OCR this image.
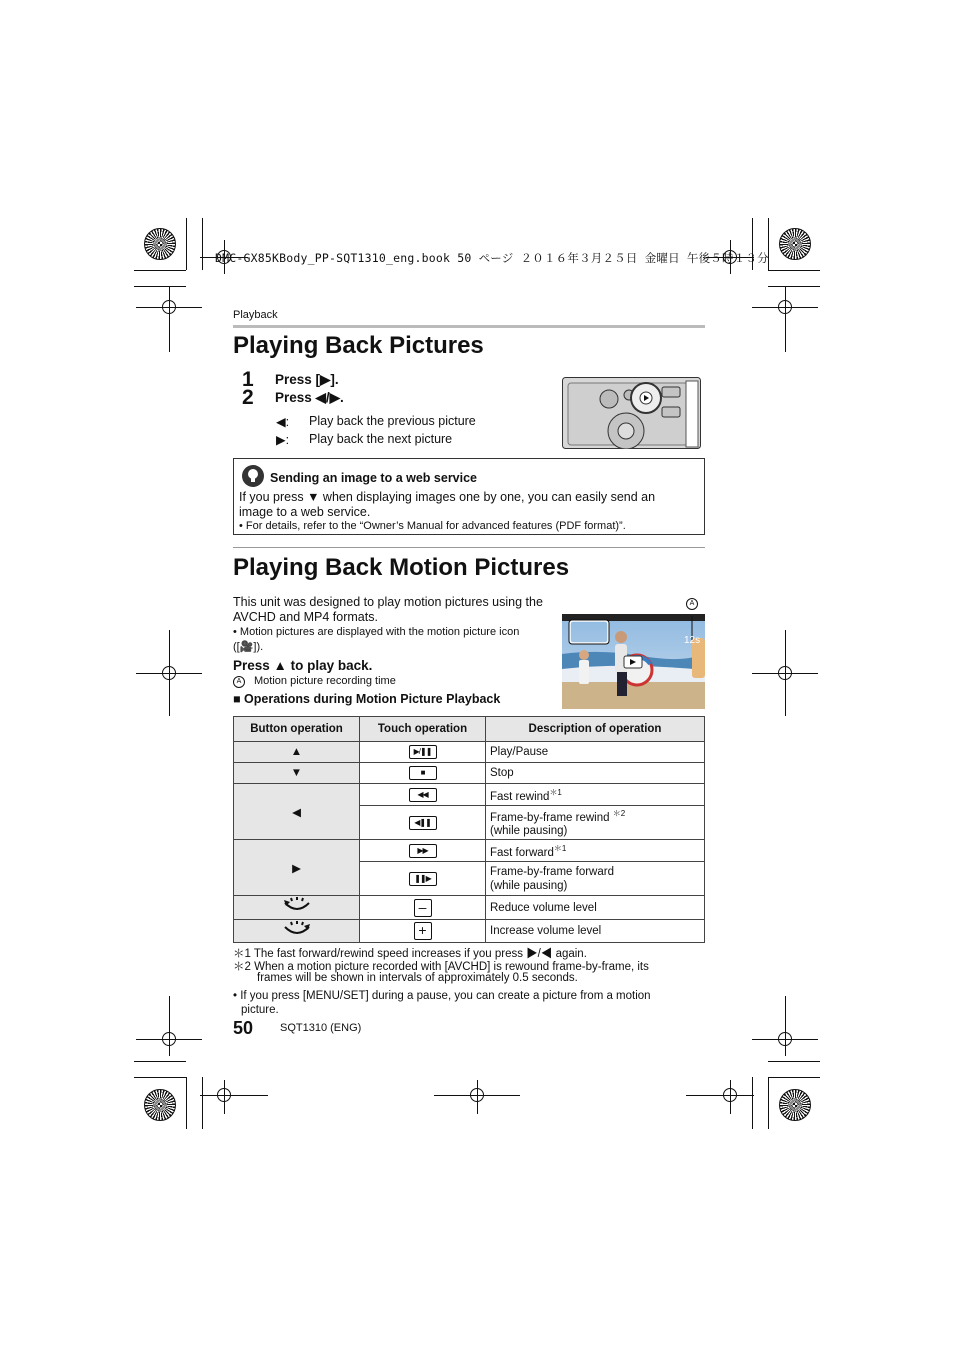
DMC-GX85KBody_PP-SQT1310_eng.book 50 ページ ２０１６年３月２５日 金曜日 午後５時１３分
Playback
Playing Back Pictures
1 Press [▶].
2 Press ◀/▶.
◀: Play back the previous picture
▶: Play back the next picture
Sending an image to a web service
If you press ▼ when displaying images one by one, you can easily send an image to a web service.
• For details, refer to the “Owner’s Manual for advanced features (PDF format)”.
Playing Back Motion Pictures
This unit was designed to play motion pictures using the AVCHD and MP4 formats.
• Motion pictures are displayed with the motion picture icon ([🎥]).
Press ▲ to play back.
A	Motion picture recording time
■ Operations during Motion Picture Playback
A
12s
Button operation	Touch operation	Description of operation
▲	▶/❚❚	Play/Pause
▼	■	Stop
◀	◀◀	Fast rewind$^{*1}$
	◀❚❚	Frame-by-frame rewind $^{*2}$
(while pausing)
▶	▶▶	Fast forward$^{*1}$
	❚❚▶	Frame-by-frame forward
(while pausing)
	–	Reduce volume level
	+	Increase volume level
＊1 The fast forward/rewind speed increases if you press ▶/◀ again.
＊2 When a motion picture recorded with [AVCHD] is rewound frame-by-frame, its
frames will be shown in intervals of approximately 0.5 seconds.
• If you press [MENU/SET] during a pause, you can create a picture from a motion
picture.
50 SQT1310 (ENG)
